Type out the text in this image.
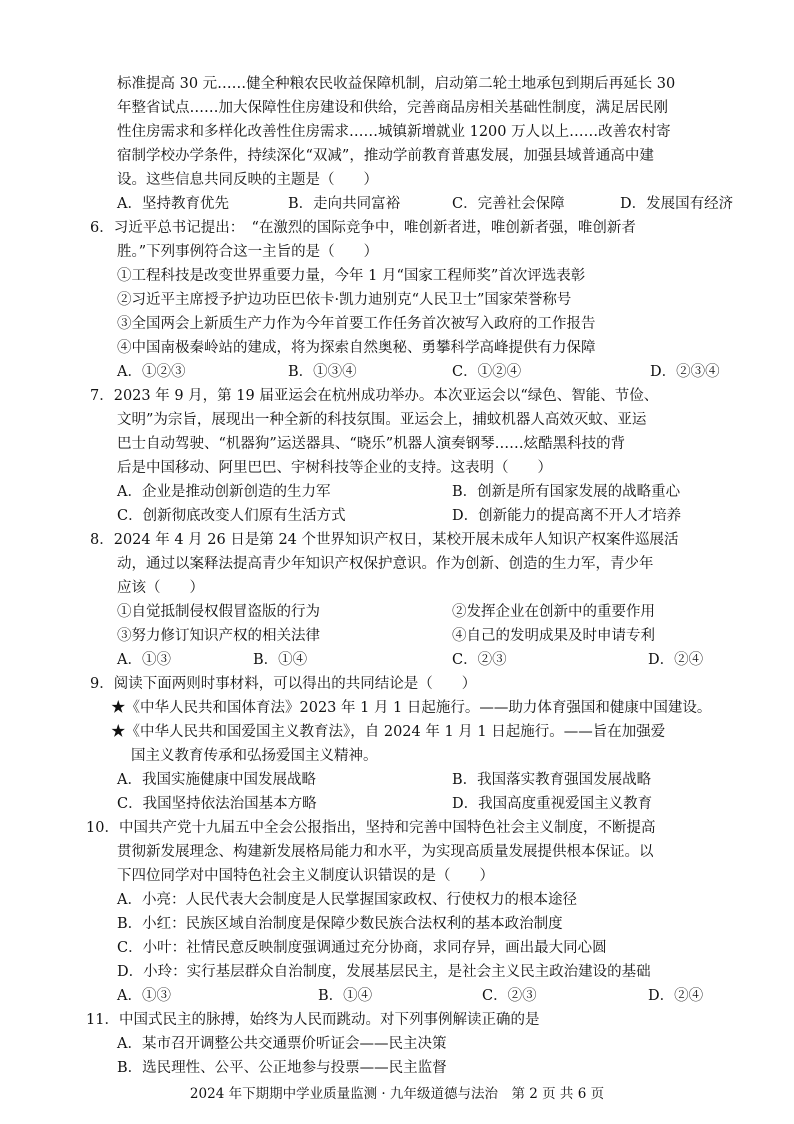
标准提高 30 元……健全种粮农民收益保障机制，启动第二轮土地承包到期后再延长 30
年整省试点……加大保障性住房建设和供给，完善商品房相关基础性制度，满足居民刚
性住房需求和多样化改善性住房需求……城镇新增就业 1200 万人以上……改善农村寄
宿制学校办学条件，持续深化“双减”，推动学前教育普惠发展，加强县域普通高中建
设。这些信息共同反映的主题是（　　）
A．坚持教育优先	B．走向共同富裕	C．完善社会保障	D．发展国有经济
6．习近平总书记提出：　“在激烈的国际竞争中，唯创新者进，唯创新者强，唯创新者
胜。”下列事例符合这一主旨的是（　　）
①工程科技是改变世界重要力量，今年 1 月“国家工程师奖”首次评选表彰
②习近平主席授予护边功臣巴依卡·凯力迪别克“人民卫士”国家荣誉称号
③全国两会上新质生产力作为今年首要工作任务首次被写入政府的工作报告
④中国南极秦岭站的建成，将为探索自然奥秘、勇攀科学高峰提供有力保障
A．①②③	B．①③④	C．①②④	D．②③④
7．2023 年 9 月，第 19 届亚运会在杭州成功举办。本次亚运会以“绿色、智能、节俭、
文明”为宗旨，展现出一种全新的科技氛围。亚运会上，捕蚊机器人高效灭蚊、亚运
巴士自动驾驶、“机器狗”运送器具、“晓乐”机器人演奏钢琴……炫酷黑科技的背
后是中国移动、阿里巴巴、宇树科技等企业的支持。这表明（　　）
A．企业是推动创新创造的生力军	B．创新是所有国家发展的战略重心
C．创新彻底改变人们原有生活方式	D．创新能力的提高离不开人才培养
8．2024 年 4 月 26 日是第 24 个世界知识产权日，某校开展未成年人知识产权案件巡展活
动，通过以案释法提高青少年知识产权保护意识。作为创新、创造的生力军，青少年
应该（　　）
①自觉抵制侵权假冒盗版的行为	②发挥企业在创新中的重要作用
③努力修订知识产权的相关法律	④自己的发明成果及时申请专利
A．①③	B．①④	C．②③	D．②④
9．阅读下面两则时事材料，可以得出的共同结论是（　　）
★《中华人民共和国体育法》2023 年 1 月 1 日起施行。——助力体育强国和健康中国建设。
★《中华人民共和国爱国主义教育法》，自 2024 年 1 月 1 日起施行。——旨在加强爱
国主义教育传承和弘扬爱国主义精神。
A．我国实施健康中国发展战略	B．我国落实教育强国发展战略
C．我国坚持依法治国基本方略	D．我国高度重视爱国主义教育
10．中国共产党十九届五中全会公报指出，坚持和完善中国特色社会主义制度，不断提高
贯彻新发展理念、构建新发展格局能力和水平，为实现高质量发展提供根本保证。以
下四位同学对中国特色社会主义制度认识错误的是（　　）
A．小亮：人民代表大会制度是人民掌握国家政权、行使权力的根本途径
B．小红：民族区域自治制度是保障少数民族合法权利的基本政治制度
C．小叶：社情民意反映制度强调通过充分协商，求同存异，画出最大同心圆
D．小玲：实行基层群众自治制度，发展基层民主，是社会主义民主政治建设的基础
A．①③	B．①④	C．②③	D．②④
11．中国式民主的脉搏，始终为人民而跳动。对下列事例解读正确的是
A．某市召开调整公共交通票价听证会——民主决策
B．选民理性、公平、公正地参与投票——民主监督
2024 年下期期中学业质量监测 · 九年级道德与法治　第 2 页 共 6 页
